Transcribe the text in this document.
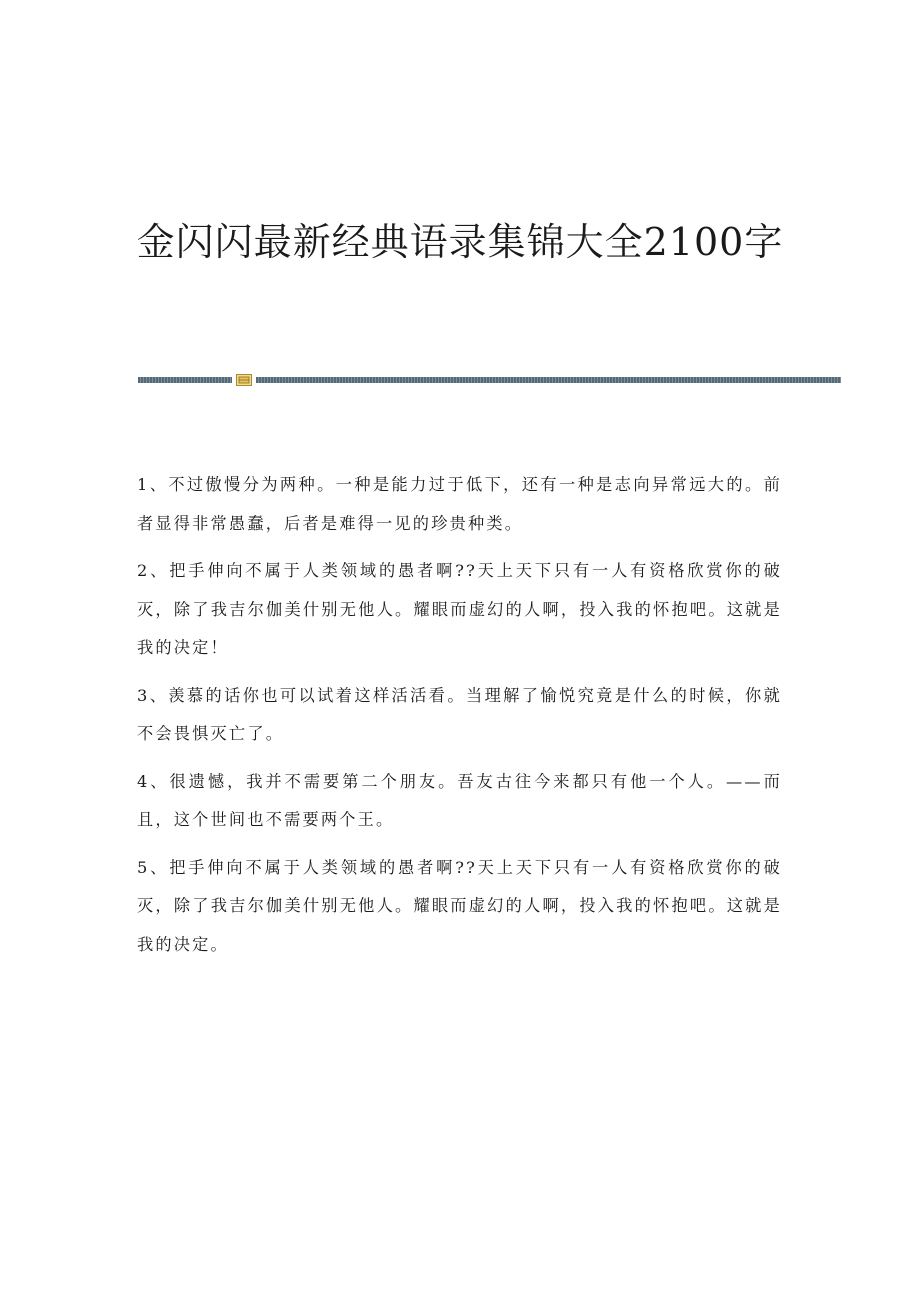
金闪闪最新经典语录集锦大全2100字

1、不过傲慢分为两种。一种是能力过于低下，还有一种是志向异常远大的。前者显得非常愚蠢，后者是难得一见的珍贵种类。

2、把手伸向不属于人类领域的愚者啊??天上天下只有一人有资格欣赏你的破灭，除了我吉尔伽美什别无他人。耀眼而虚幻的人啊，投入我的怀抱吧。这就是我的决定！

3、羡慕的话你也可以试着这样活活看。当理解了愉悦究竟是什么的时候，你就不会畏惧灭亡了。

4、很遗憾，我并不需要第二个朋友。吾友古往今来都只有他一个人。——而且，这个世间也不需要两个王。

5、把手伸向不属于人类领域的愚者啊??天上天下只有一人有资格欣赏你的破灭，除了我吉尔伽美什别无他人。耀眼而虚幻的人啊，投入我的怀抱吧。这就是我的决定。
